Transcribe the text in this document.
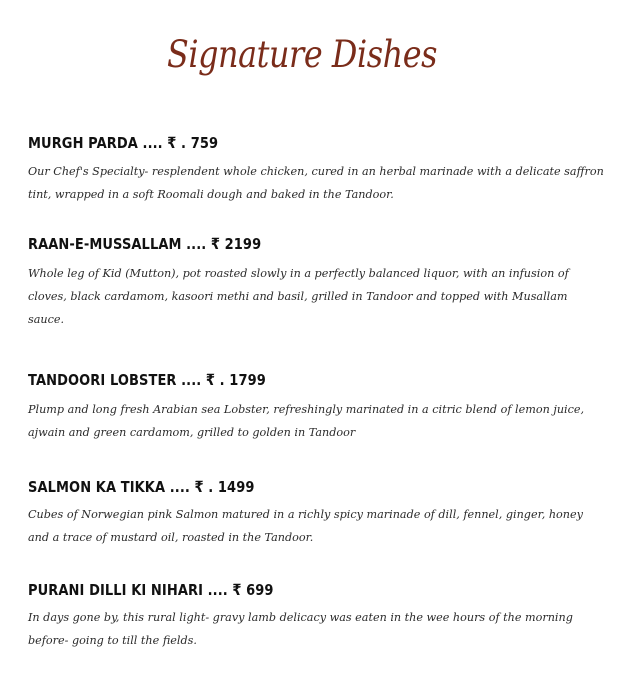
Signature Dishes
MURGH PARDA .... ₹ . 759
Our Chef's Specialty- resplendent whole chicken, cured in an herbal marinade with a delicate saffron
tint, wrapped in a soft Roomali dough and baked in the Tandoor.
RAAN-E-MUSSALLAM .... ₹ 2199
Whole leg of Kid (Mutton), pot roasted slowly in a perfectly balanced liquor, with an infusion of
cloves, black cardamom, kasoori methi and basil, grilled in Tandoor and topped with Musallam
sauce.
TANDOORI LOBSTER .... ₹ . 1799
Plump and long fresh Arabian sea Lobster, refreshingly marinated in a citric blend of lemon juice,
ajwain and green cardamom, grilled to golden in Tandoor
SALMON KA TIKKA .... ₹ . 1499
Cubes of Norwegian pink Salmon matured in a richly spicy marinade of dill, fennel, ginger, honey
and a trace of mustard oil, roasted in the Tandoor.
PURANI DILLI KI NIHARI .... ₹ 699
In days gone by, this rural light- gravy lamb delicacy was eaten in the wee hours of the morning
before- going to till the fields.
